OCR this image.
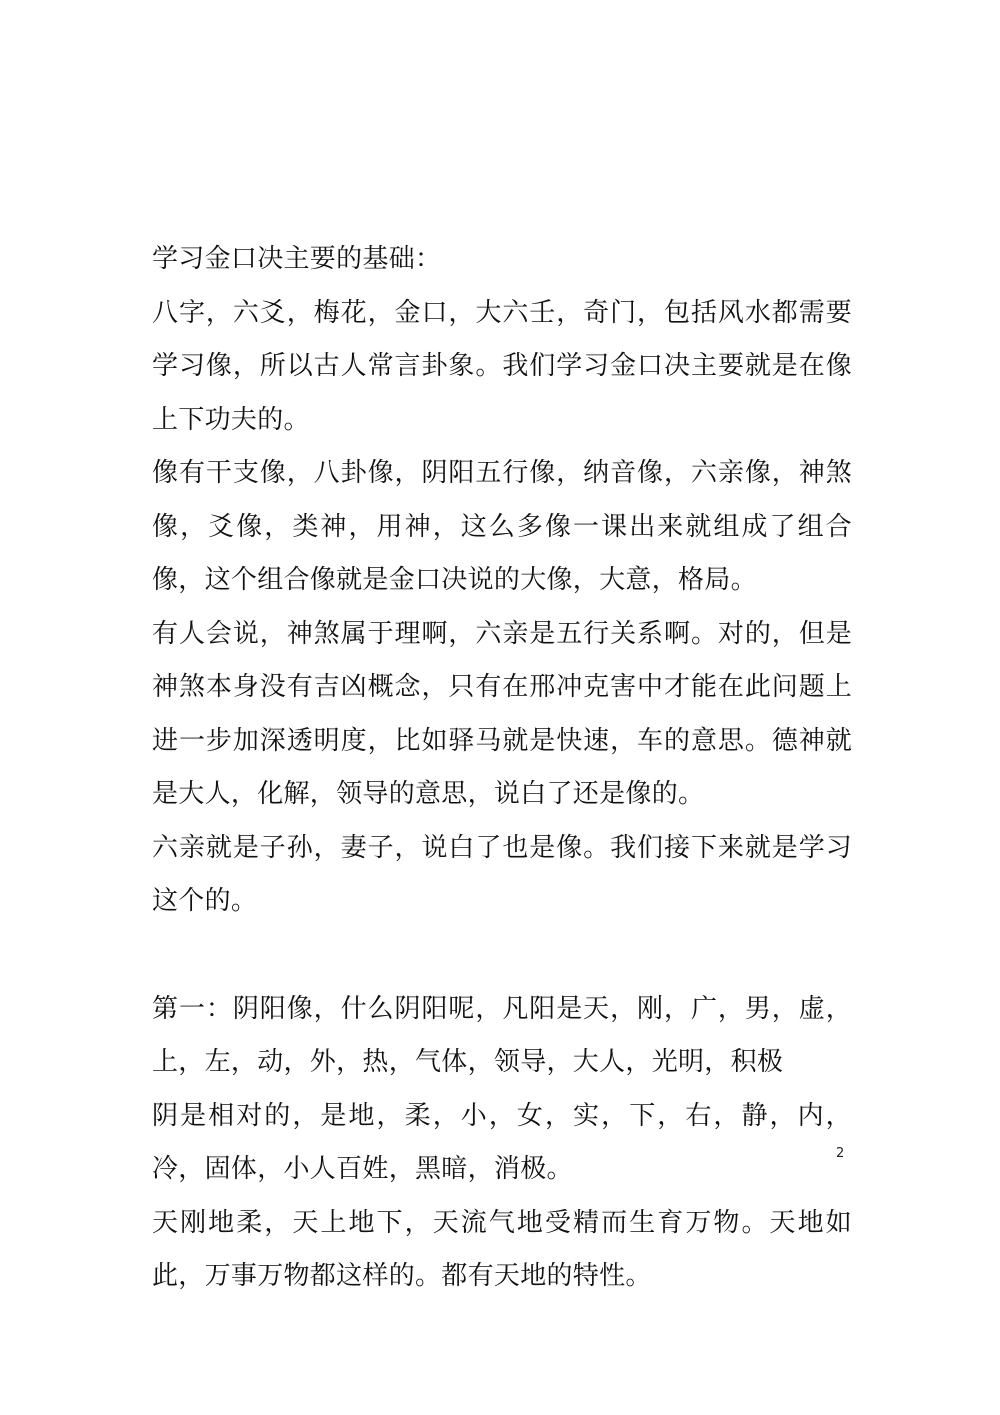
学习金口决主要的基础：

八字，六爻，梅花，金口，大六壬，奇门，包括风水都需要学习像，所以古人常言卦象。我们学习金口决主要就是在像上下功夫的。

像有干支像，八卦像，阴阳五行像，纳音像，六亲像，神煞像，爻像，类神，用神，这么多像一课出来就组成了组合像，这个组合像就是金口决说的大像，大意，格局。

有人会说，神煞属于理啊，六亲是五行关系啊。对的，但是神煞本身没有吉凶概念，只有在邢冲克害中才能在此问题上进一步加深透明度，比如驿马就是快速，车的意思。德神就是大人，化解，领导的意思，说白了还是像的。

六亲就是子孙，妻子，说白了也是像。我们接下来就是学习这个的。

第一：阴阳像，什么阴阳呢，凡阳是天，刚，广，男，虚，上，左，动，外，热，气体，领导，大人，光明，积极

阴是相对的，是地，柔，小，女，实，下，右，静，内，冷，固体，小人百姓，黑暗，消极。

天刚地柔，天上地下，天流气地受精而生育万物。天地如此，万事万物都这样的。都有天地的特性。

2
